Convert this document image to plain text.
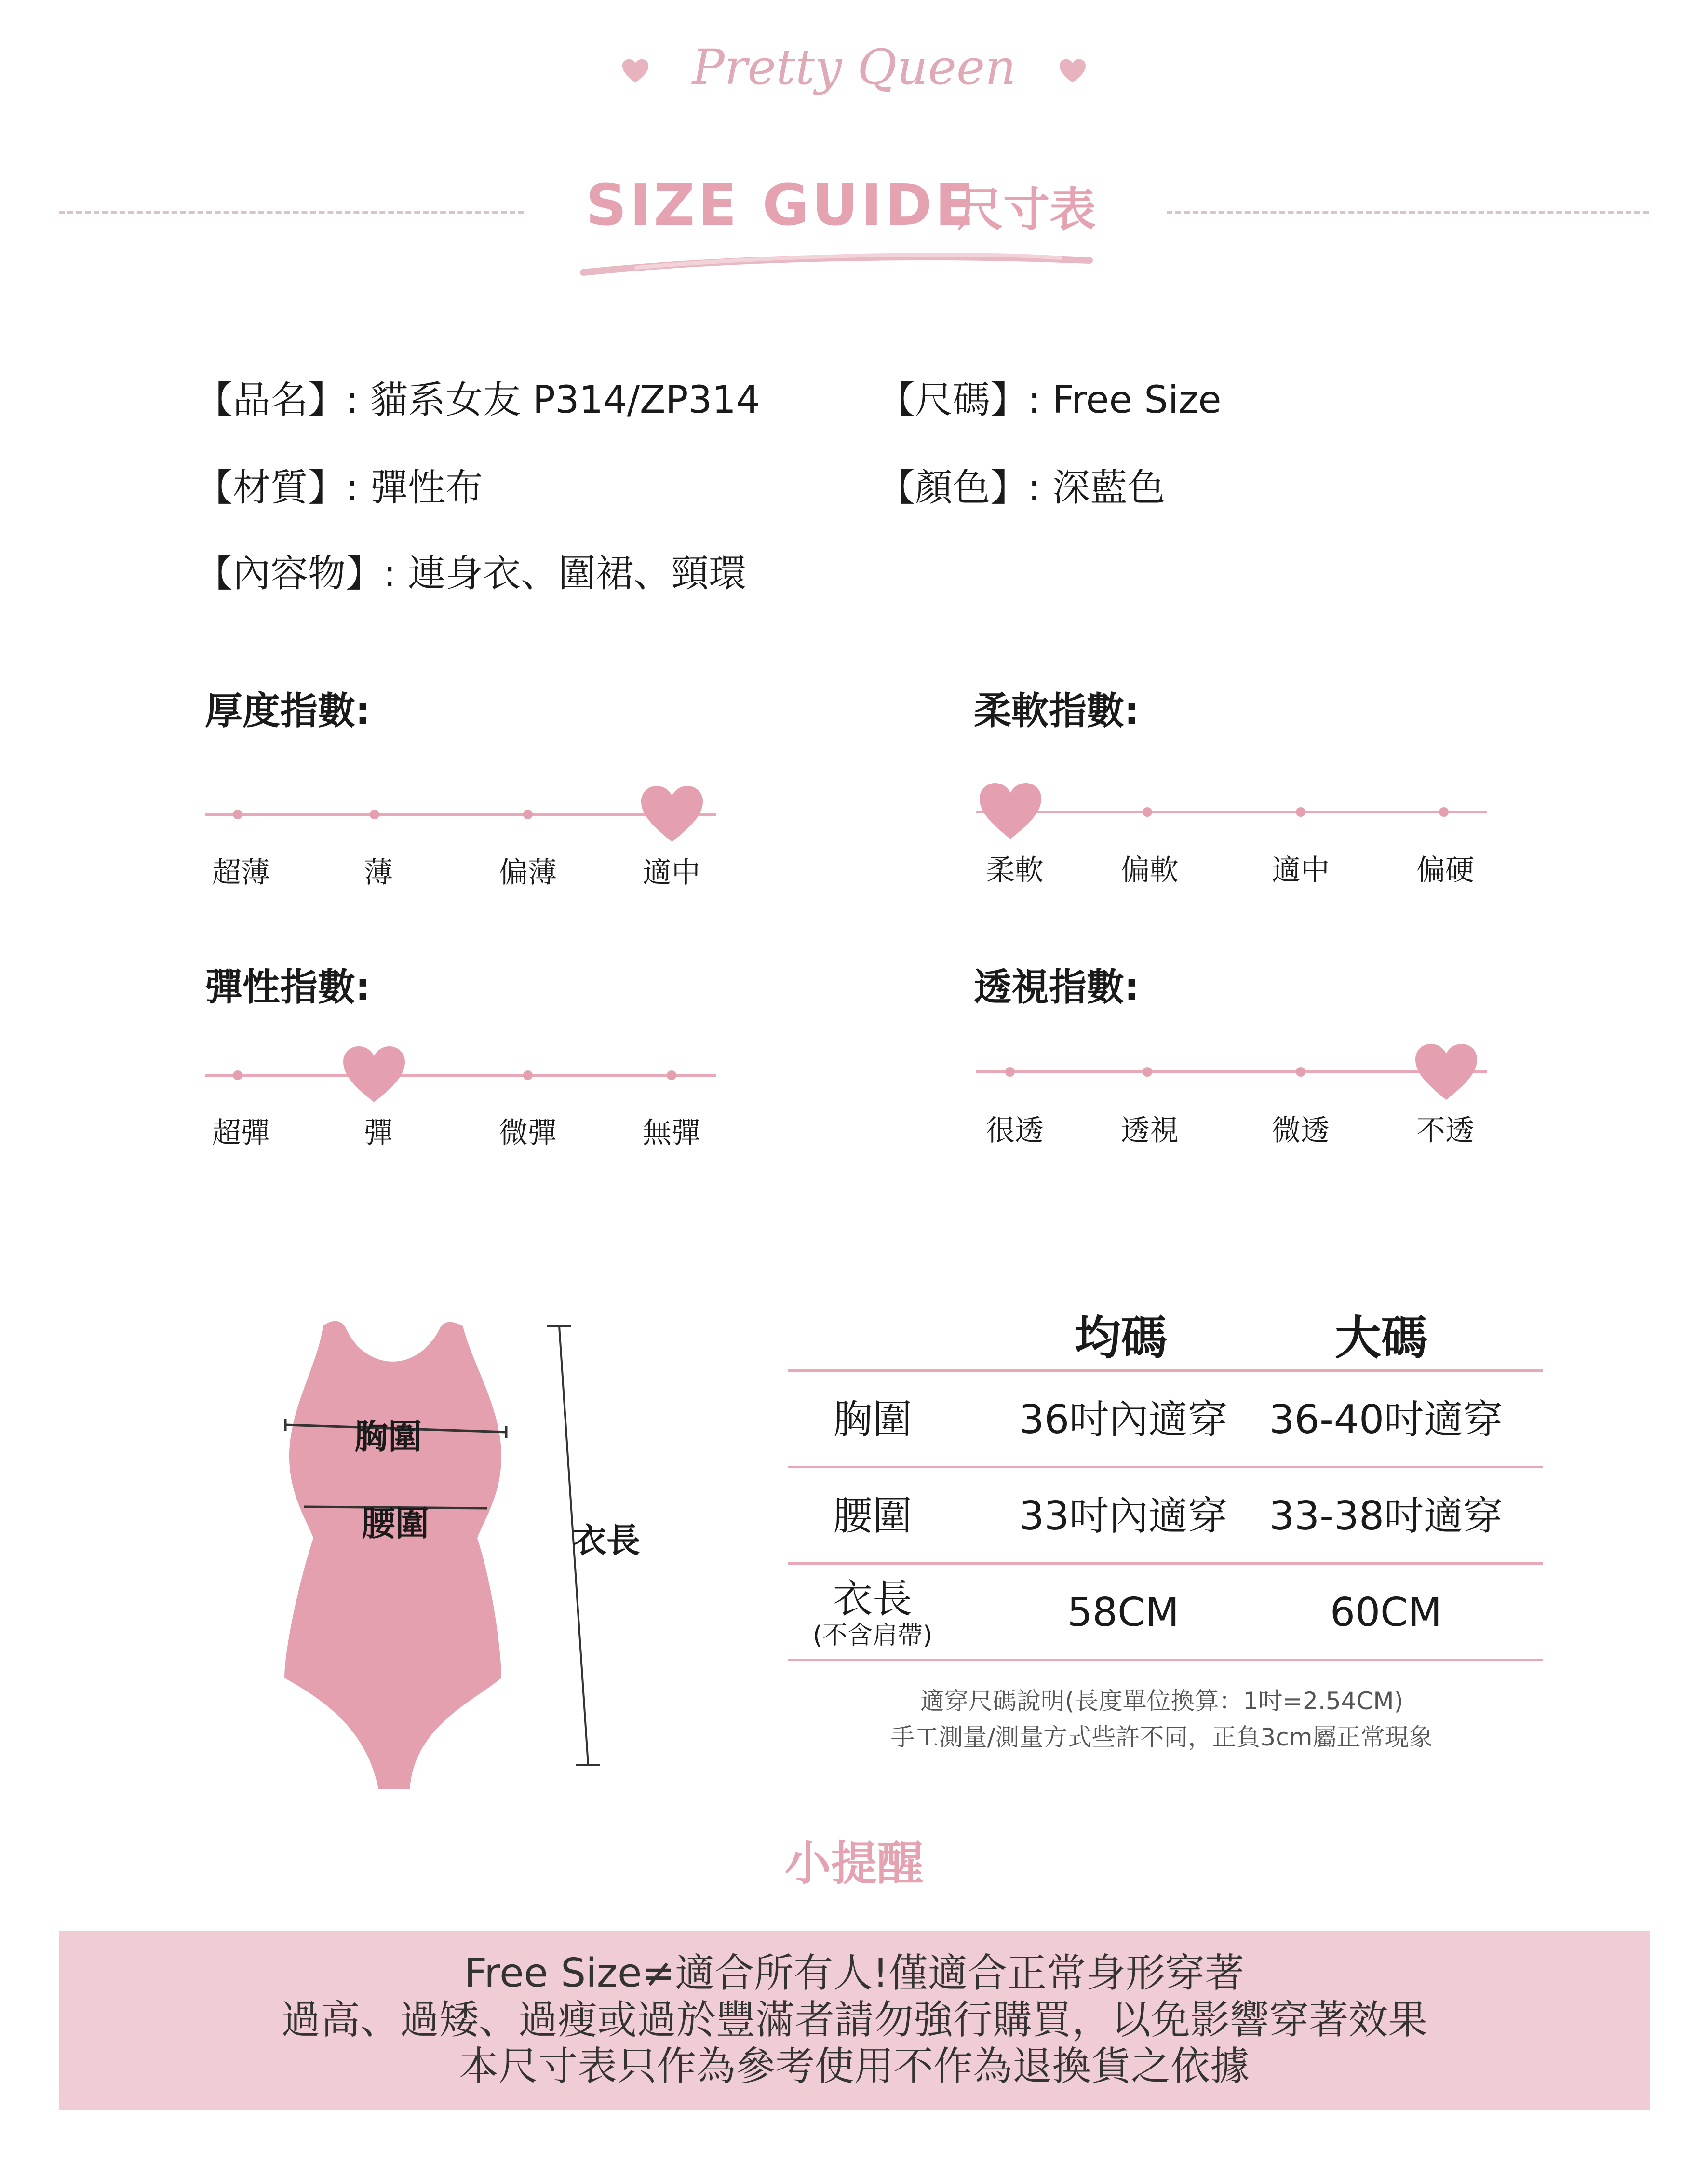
Pretty Queen
SIZE GUIDE
尺寸表
【品名】: 貓系女友 P314/ZP314	【尺碼】: Free Size
【材質】: 彈性布	【顏色】: 深藍色
【內容物】: 連身衣、圍裙、頸環
厚度指數:
超薄	薄	偏薄	適中
柔軟指數:
柔軟	偏軟	適中	偏硬
彈性指數:
超彈	彈	微彈	無彈
透視指數:
很透	透視	微透	不透
胸圍
腰圍	衣長
均碼	大碼
胸圍	36吋內適穿	36-40吋適穿
腰圍	33吋內適穿	33-38吋適穿
衣長
(不含肩帶)	58CM	60CM
適穿尺碼說明(長度單位換算：1吋=2.54CM)
手工測量/測量方式些許不同，正負3cm屬正常現象
小提醒
Free Size≠適合所有人!僅適合正常身形穿著
過高、過矮、過瘦或過於豐滿者請勿強行購買，以免影響穿著效果
本尺寸表只作為參考使用不作為退換貨之依據
